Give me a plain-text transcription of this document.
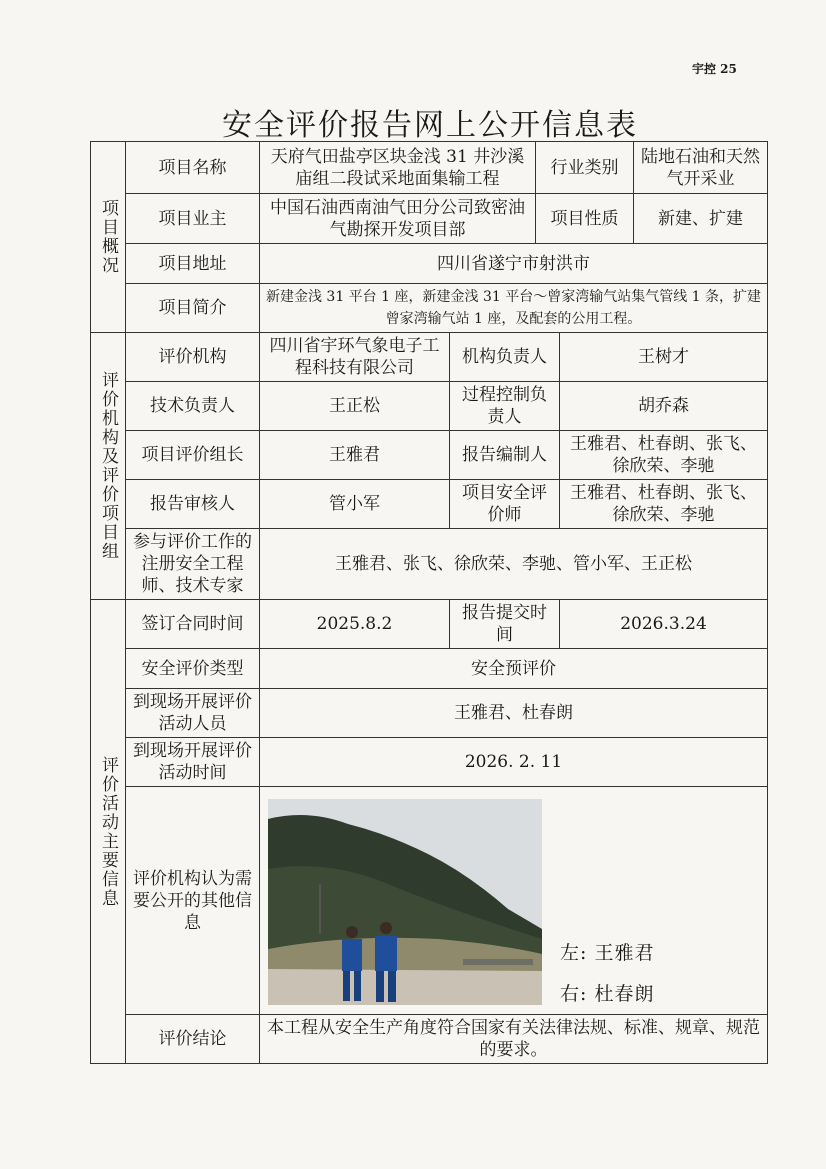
宇控 25
安全评价报告网上公开信息表
项目概况	项目名称	天府气田盐亭区块金浅 31 井沙溪庙组二段试采地面集输工程		行业类别		陆地石油和天然气开采业
	项目业主	中国石油西南油气田分公司致密油气勘探开发项目部		项目性质		新建、扩建
	项目地址	四川省遂宁市射洪市				
	项目简介	新建金浅 31 平台 1 座，新建金浅 31 平台～曾家湾输气站集气管线 1 条，扩建曾家湾输气站 1 座，及配套的公用工程。				
评价机构及评价项目组	评价机构	四川省宇环气象电子工程科技有限公司	机构负责人		王树才	
	技术负责人	王正松	过程控制负责人		胡乔森	
	项目评价组长	王雅君	报告编制人		王雅君、杜春朗、张飞、徐欣荣、李驰	
	报告审核人	管小军	项目安全评价师		王雅君、杜春朗、张飞、徐欣荣、李驰	
	参与评价工作的注册安全工程师、技术专家	王雅君、张飞、徐欣荣、李驰、管小军、王正松				
评价活动主要信息	签订合同时间	2025.8.2	报告提交时间		2026.3.24	
	安全评价类型	安全预评价				
	到现场开展评价活动人员	王雅君、杜春朗				
	到现场开展评价活动时间	2026. 2. 11				
	评价机构认为需要公开的其他信息	左: 王雅君
右: 杜春朗				

	评价结论	本工程从安全生产角度符合国家有关法律法规、标准、规章、规范的要求。				
